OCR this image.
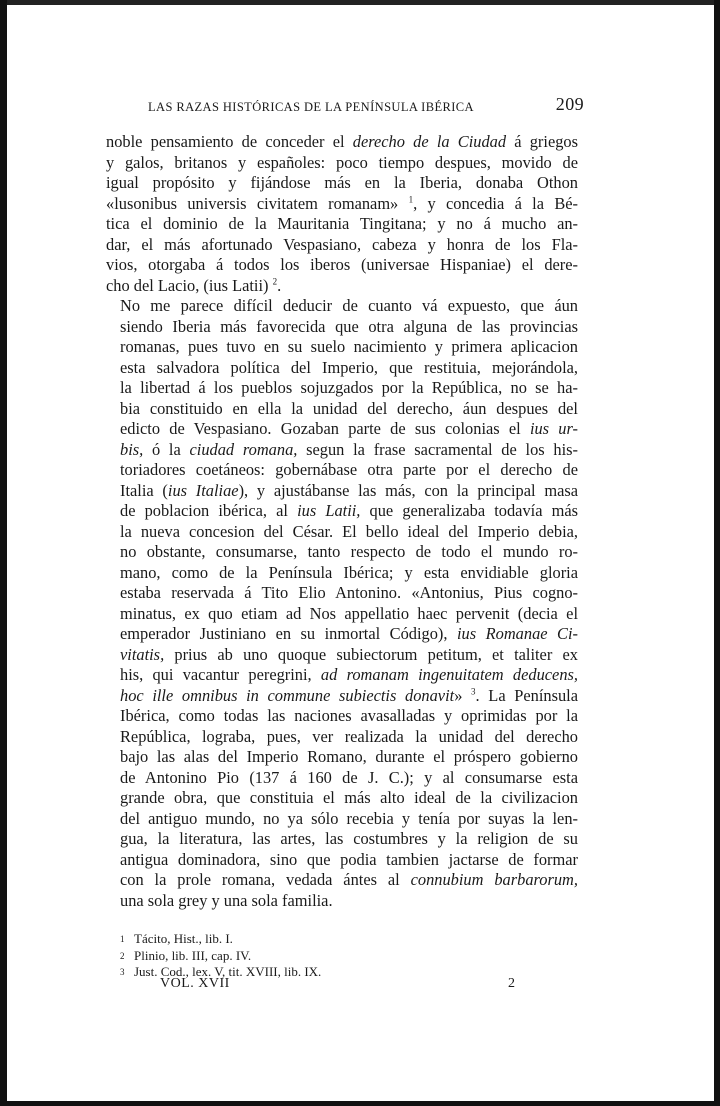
LAS RAZAS HISTÓRICAS DE LA PENÍNSULA IBÉRICA	209

noble pensamiento de conceder el derecho de la Ciudad á griegos
y galos, britanos y españoles: poco tiempo despues, movido de
igual propósito y fijándose más en la Iberia, donaba Othon
«lusonibus universis civitatem romanam» $^1$, y concedia á la Bé-
tica el dominio de la Mauritania Tingitana; y no á mucho an-
dar, el más afortunado Vespasiano, cabeza y honra de los Fla-
vios, otorgaba á todos los iberos (universae Hispaniae) el dere-
cho del Lacio, (ius Latii) $^2$.

No me parece difícil deducir de cuanto vá expuesto, que áun
siendo Iberia más favorecida que otra alguna de las provincias
romanas, pues tuvo en su suelo nacimiento y primera aplicacion
esta salvadora política del Imperio, que restituia, mejorándola,
la libertad á los pueblos sojuzgados por la República, no se ha-
bia constituido en ella la unidad del derecho, áun despues del
edicto de Vespasiano. Gozaban parte de sus colonias el ius ur-
bis, ó la ciudad romana, segun la frase sacramental de los his-
toriadores coetáneos: gobernábase otra parte por el derecho de
Italia (ius Italiae), y ajustábanse las más, con la principal masa
de poblacion ibérica, al ius Latii, que generalizaba todavía más
la nueva concesion del César. El bello ideal del Imperio debia,
no obstante, consumarse, tanto respecto de todo el mundo ro-
mano, como de la Península Ibérica; y esta envidiable gloria
estaba reservada á Tito Elio Antonino. «Antonius, Pius cogno-
minatus, ex quo etiam ad Nos appellatio haec pervenit (decia el
emperador Justiniano en su inmortal Código), ius Romanae Ci-
vitatis, prius ab uno quoque subiectorum petitum, et taliter ex
his, qui vacantur peregrini, ad romanam ingenuitatem deducens,
hoc ille omnibus in commune subiectis donavit» $^3$. La Península
Ibérica, como todas las naciones avasalladas y oprimidas por la
República, lograba, pues, ver realizada la unidad del derecho
bajo las alas del Imperio Romano, durante el próspero gobierno
de Antonino Pio (137 á 160 de J. C.); y al consumarse esta
grande obra, que constituia el más alto ideal de la civilizacion
del antiguo mundo, no ya sólo recebia y tenía por suyas la len-
gua, la literatura, las artes, las costumbres y la religion de su
antigua dominadora, sino que podia tambien jactarse de formar
con la prole romana, vedada ántes al connubium barbarorum,
una sola grey y una sola familia.

1 Tácito, Hist., lib. I.
2 Plinio, lib. III, cap. IV.
3 Just. Cod., lex. V, tit. XVIII, lib. IX.
VOL. XVII	2
